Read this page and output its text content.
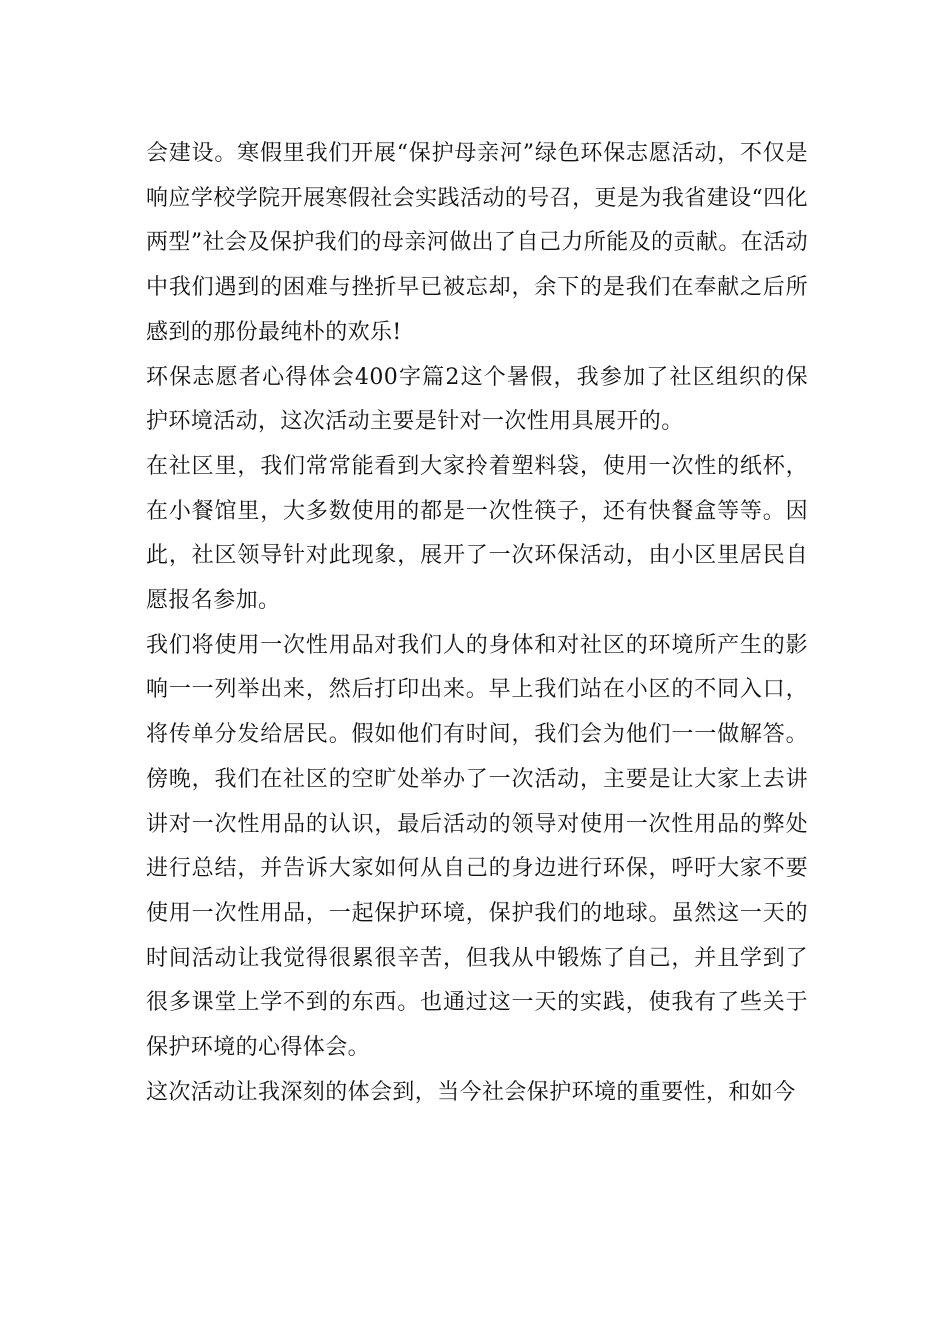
会建设。寒假里我们开展“保护母亲河”绿色环保志愿活动，不仅是响应学校学院开展寒假社会实践活动的号召，更是为我省建设“四化两型”社会及保护我们的母亲河做出了自己力所能及的贡献。在活动中我们遇到的困难与挫折早已被忘却，余下的是我们在奉献之后所感到的那份最纯朴的欢乐!

环保志愿者心得体会400字篇2这个暑假，我参加了社区组织的保护环境活动，这次活动主要是针对一次性用具展开的。

在社区里，我们常常能看到大家拎着塑料袋，使用一次性的纸杯，在小餐馆里，大多数使用的都是一次性筷子，还有快餐盒等等。因此，社区领导针对此现象，展开了一次环保活动，由小区里居民自愿报名参加。

我们将使用一次性用品对我们人的身体和对社区的环境所产生的影响一一列举出来，然后打印出来。早上我们站在小区的不同入口，将传单分发给居民。假如他们有时间，我们会为他们一一做解答。傍晚，我们在社区的空旷处举办了一次活动，主要是让大家上去讲讲对一次性用品的认识，最后活动的领导对使用一次性用品的弊处进行总结，并告诉大家如何从自己的身边进行环保，呼吁大家不要使用一次性用品，一起保护环境，保护我们的地球。虽然这一天的时间活动让我觉得很累很辛苦，但我从中锻炼了自己，并且学到了很多课堂上学不到的东西。也通过这一天的实践，使我有了些关于保护环境的心得体会。

这次活动让我深刻的体会到，当今社会保护环境的重要性，和如今
